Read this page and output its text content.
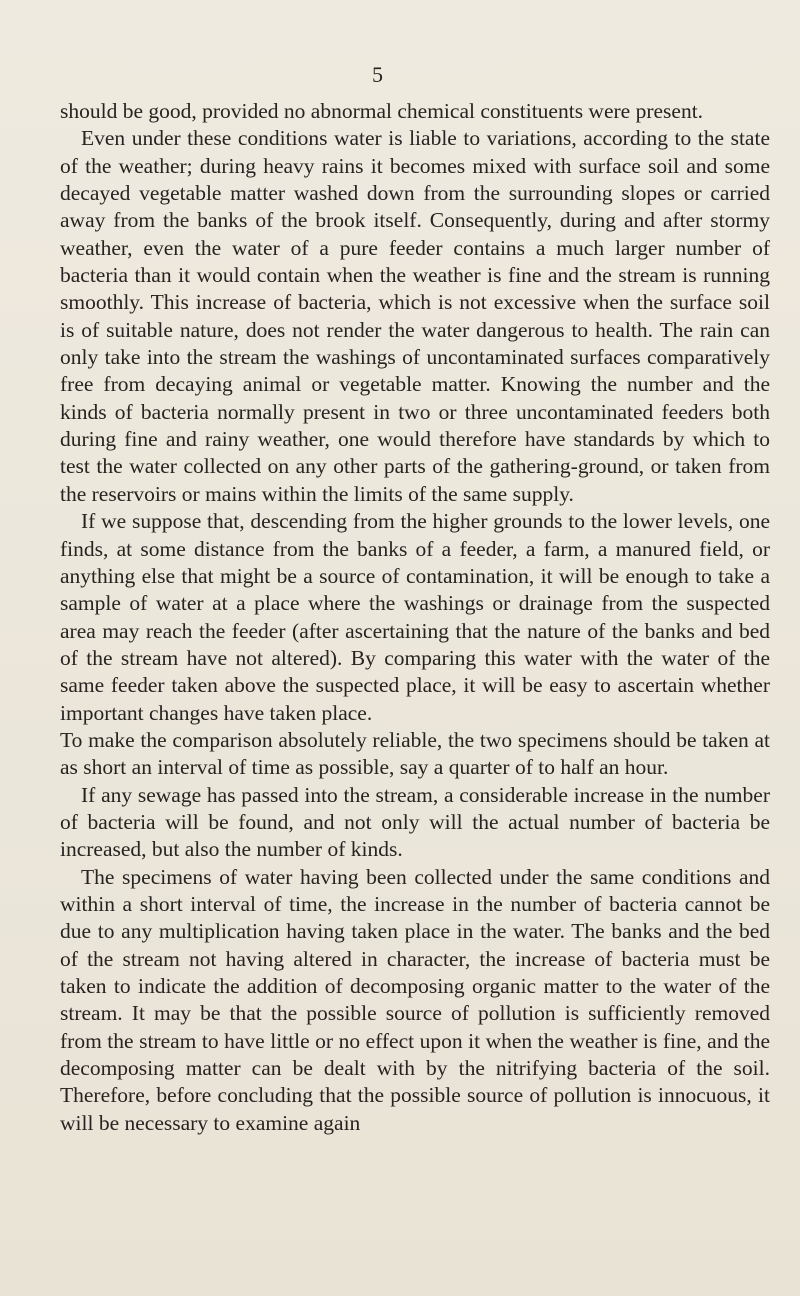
5

should be good, provided no abnormal chemical constituents were present.

Even under these conditions water is liable to variations, according to the state of the weather; during heavy rains it becomes mixed with surface soil and some decayed vegetable matter washed down from the surrounding slopes or carried away from the banks of the brook itself. Consequently, during and after stormy weather, even the water of a pure feeder contains a much larger number of bacteria than it would contain when the weather is fine and the stream is running smoothly. This increase of bacteria, which is not excessive when the surface soil is of suitable nature, does not render the water dangerous to health. The rain can only take into the stream the washings of uncontaminated surfaces comparatively free from decaying animal or vegetable matter. Knowing the number and the kinds of bacteria normally present in two or three uncontaminated feeders both during fine and rainy weather, one would therefore have standards by which to test the water collected on any other parts of the gathering-ground, or taken from the reservoirs or mains within the limits of the same supply.

If we suppose that, descending from the higher grounds to the lower levels, one finds, at some distance from the banks of a feeder, a farm, a manured field, or anything else that might be a source of contamination, it will be enough to take a sample of water at a place where the washings or drainage from the suspected area may reach the feeder (after ascertaining that the nature of the banks and bed of the stream have not altered). By comparing this water with the water of the same feeder taken above the suspected place, it will be easy to ascertain whether important changes have taken place.

To make the comparison absolutely reliable, the two specimens should be taken at as short an interval of time as possible, say a quarter of to half an hour.

If any sewage has passed into the stream, a considerable increase in the number of bacteria will be found, and not only will the actual number of bacteria be increased, but also the number of kinds.

The specimens of water having been collected under the same conditions and within a short interval of time, the increase in the number of bacteria cannot be due to any multiplication having taken place in the water. The banks and the bed of the stream not having altered in character, the increase of bacteria must be taken to indicate the addition of decomposing organic matter to the water of the stream. It may be that the possible source of pollution is sufficiently removed from the stream to have little or no effect upon it when the weather is fine, and the decomposing matter can be dealt with by the nitrifying bacteria of the soil. Therefore, before concluding that the possible source of pollution is innocuous, it will be necessary to examine again
